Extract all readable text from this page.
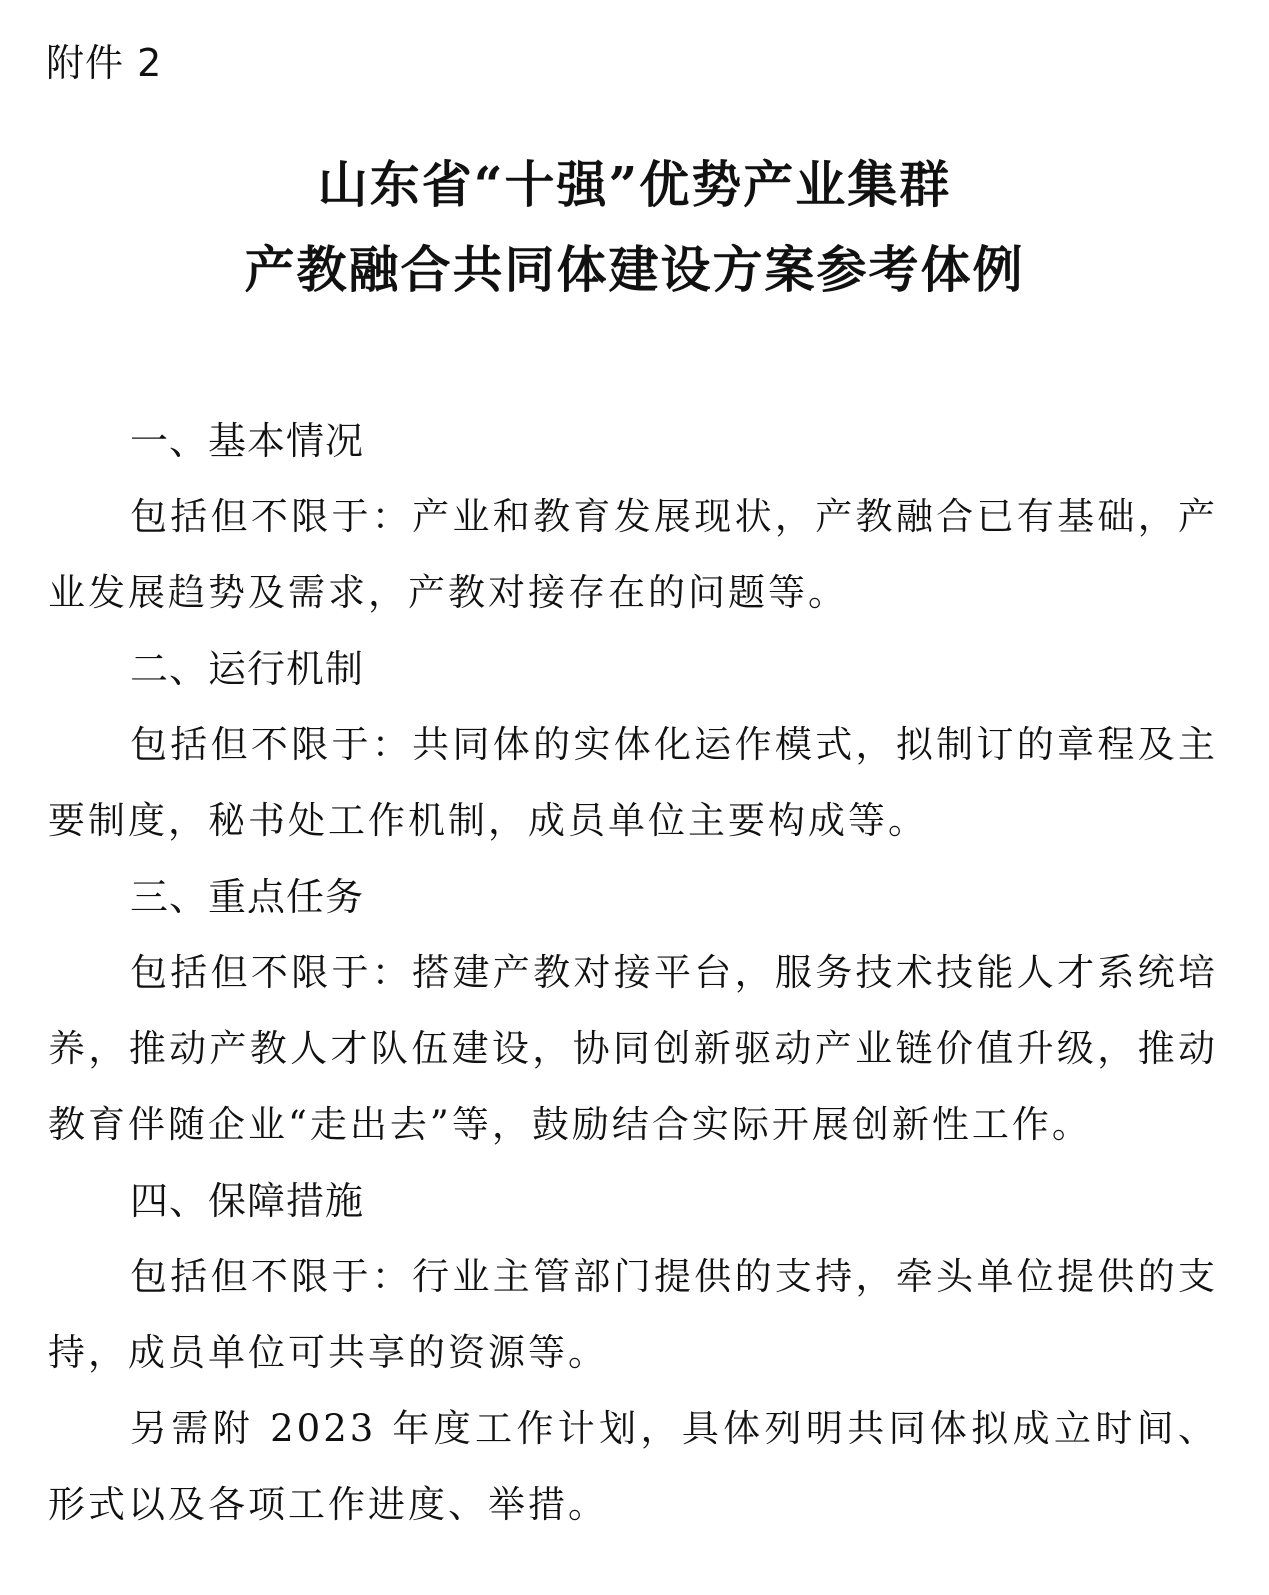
附件 2
山东省“十强”优势产业集群
产教融合共同体建设方案参考体例

一、基本情况

包括但不限于：产业和教育发展现状，产教融合已有基础，产业发展趋势及需求，产教对接存在的问题等。

二、运行机制

包括但不限于：共同体的实体化运作模式，拟制订的章程及主要制度，秘书处工作机制，成员单位主要构成等。

三、重点任务

包括但不限于：搭建产教对接平台，服务技术技能人才系统培养，推动产教人才队伍建设，协同创新驱动产业链价值升级，推动教育伴随企业“走出去”等，鼓励结合实际开展创新性工作。

四、保障措施

包括但不限于：行业主管部门提供的支持，牵头单位提供的支持，成员单位可共享的资源等。

另需附 2023 年度工作计划，具体列明共同体拟成立时间、形式以及各项工作进度、举措。
